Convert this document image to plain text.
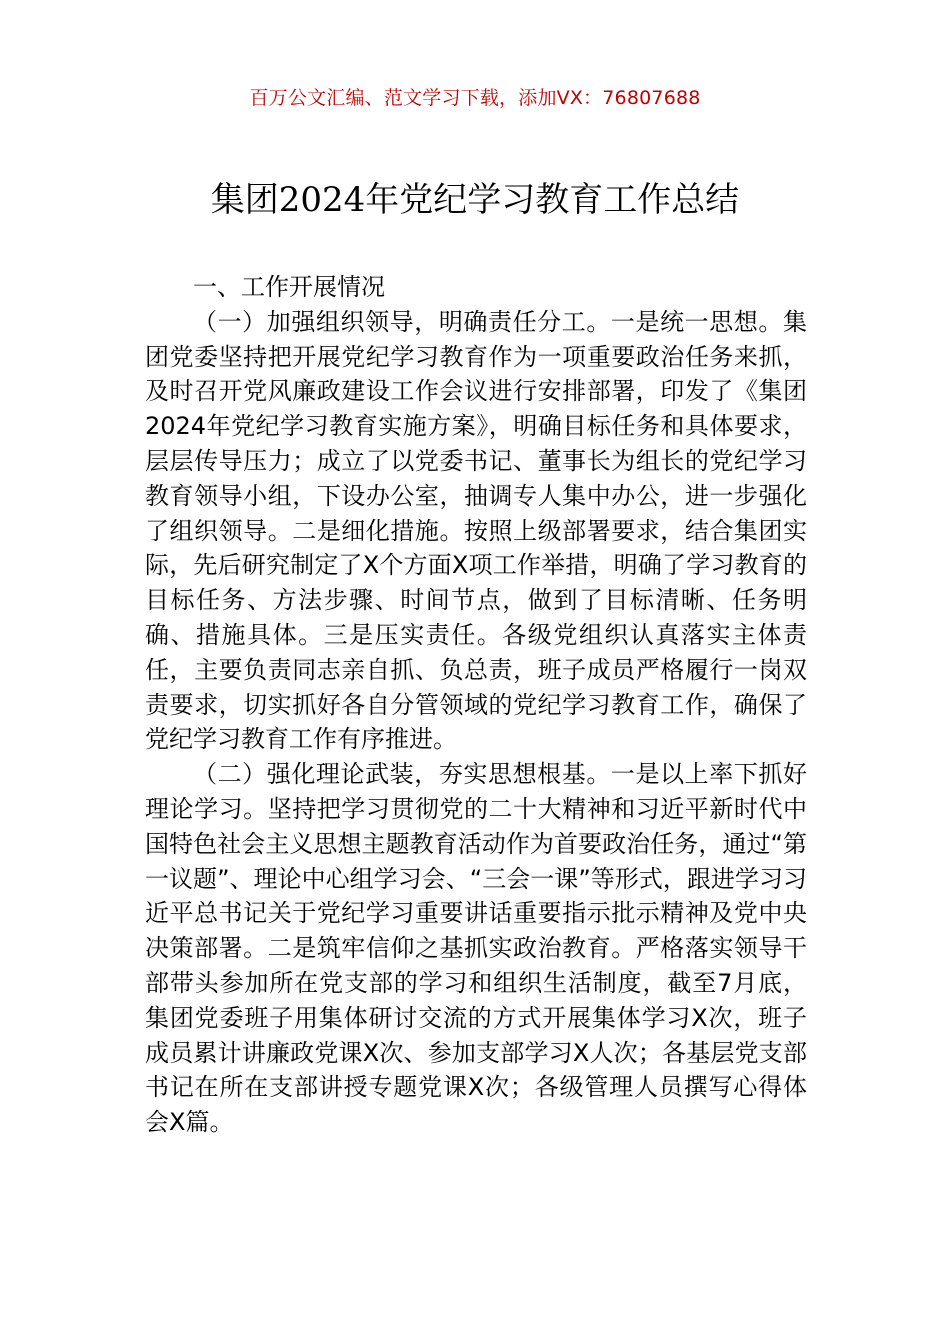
百万公文汇编、范文学习下载，添加VX：76807688
集团2024年党纪学习教育工作总结

一、工作开展情况

（一）加强组织领导，明确责任分工。一是统一思想。集团党委坚持把开展党纪学习教育作为一项重要政治任务来抓，及时召开党风廉政建设工作会议进行安排部署，印发了《集团2024年党纪学习教育实施方案》，明确目标任务和具体要求，层层传导压力；成立了以党委书记、董事长为组长的党纪学习教育领导小组，下设办公室，抽调专人集中办公，进一步强化了组织领导。二是细化措施。按照上级部署要求，结合集团实际，先后研究制定了X个方面X项工作举措，明确了学习教育的目标任务、方法步骤、时间节点，做到了目标清晰、任务明确、措施具体。三是压实责任。各级党组织认真落实主体责任，主要负责同志亲自抓、负总责，班子成员严格履行一岗双责要求，切实抓好各自分管领域的党纪学习教育工作，确保了党纪学习教育工作有序推进。

（二）强化理论武装，夯实思想根基。一是以上率下抓好理论学习。坚持把学习贯彻党的二十大精神和习近平新时代中国特色社会主义思想主题教育活动作为首要政治任务，通过“第一议题”、理论中心组学习会、“三会一课”等形式，跟进学习习近平总书记关于党纪学习重要讲话重要指示批示精神及党中央决策部署。二是筑牢信仰之基抓实政治教育。严格落实领导干部带头参加所在党支部的学习和组织生活制度，截至7月底，集团党委班子用集体研讨交流的方式开展集体学习X次，班子成员累计讲廉政党课X次、参加支部学习X人次；各基层党支部书记在所在支部讲授专题党课X次；各级管理人员撰写心得体会X篇。
